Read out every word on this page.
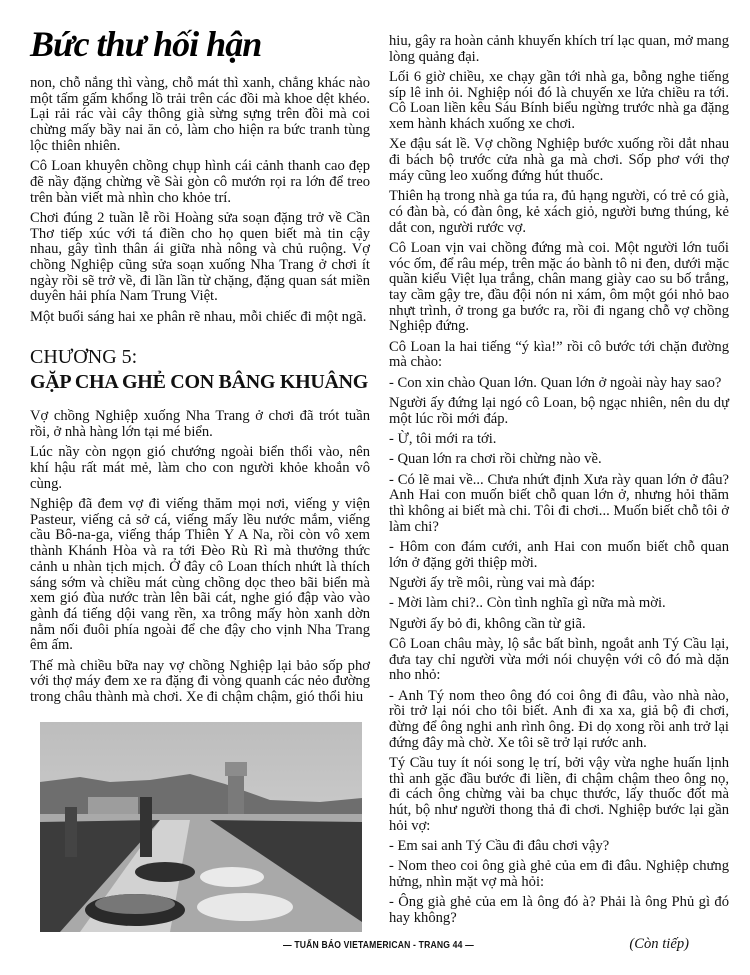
Bức thư hối hận

non, chỗ nắng thì vàng, chỗ mát thì xanh, chẳng khác nào một tấm gấm khổng lồ trải trên các đồi mà khoe dệt khéo. Lại rải rác vài cây thông già sừng sựng trên đồi mà coi chừng mấy bầy nai ăn cỏ, làm cho hiện ra bức tranh tùng lộc thiên nhiên.

Cô Loan khuyên chồng chụp hình cái cảnh thanh cao đẹp đẽ nầy đặng chừng về Sài gòn cô mướn rọi ra lớn để treo trên bàn viết mà nhìn cho khỏe trí.

Chơi đúng 2 tuần lễ rồi Hoàng sửa soạn đặng trở về Cần Thơ tiếp xúc với tá điền cho họ quen biết mà tin cậy nhau, gây tình thân ái giữa nhà nông và chủ ruộng. Vợ chồng Nghiệp cũng sửa soạn xuống Nha Trang ở chơi ít ngày rồi sẽ trở về, đi lần lần từ chặng, đặng quan sát miền duyên hải phía Nam Trung Việt.

Một buổi sáng hai xe phân rẽ nhau, mỗi chiếc đi một ngã.

CHƯƠNG 5:
GẶP CHA GHẺ CON BÂNG KHUÂNG

Vợ chồng Nghiệp xuống Nha Trang ở chơi đã trót tuần rồi, ở nhà hàng lớn tại mé biển.

Lúc nầy còn ngọn gió chướng ngoài biển thổi vào, nên khí hậu rất mát mẻ, làm cho con người khỏe khoắn vô cùng.

Nghiệp đã đem vợ đi viếng thăm mọi nơi, viếng y viện Pasteur, viếng cả sở cá, viếng mấy lều nước mắm, viếng cầu Bô-na-ga, viếng tháp Thiên Y A Na, rồi còn vô xem thành Khánh Hòa và ra tới Đèo Rù Rì mà thưởng thức cảnh u nhàn tịch mịch. Ở đây cô Loan thích nhứt là thích sáng sớm và chiều mát cùng chồng dọc theo bãi biển mà xem gió đùa nước tràn lên bãi cát, nghe gió đập vào vào gành đá tiếng dội vang rền, xa trông mấy hòn xanh dờn nằm nối đuôi phía ngoài để che đậy cho vịnh Nha Trang êm ấm.

Thế mà chiều bữa nay vợ chồng Nghiệp lại bảo sốp phơ với thợ máy đem xe ra đặng đi vòng quanh các nẻo đường trong châu thành mà chơi. Xe đi chậm chậm, gió thổi hiu

hiu, gây ra hoàn cảnh khuyến khích trí lạc quan, mở mang lòng quảng đại.

Lối 6 giờ chiều, xe chạy gần tới nhà ga, bỗng nghe tiếng síp lê inh ỏi. Nghiệp nói đó là chuyến xe lửa chiều ra tới. Cô Loan liền kêu Sáu Bính biểu ngừng trước nhà ga đặng xem hành khách xuống xe chơi.

Xe đậu sát lề. Vợ chồng Nghiệp bước xuống rồi dắt nhau đi bách bộ trước cửa nhà ga mà chơi. Sốp phơ với thợ máy cũng leo xuống đứng hút thuốc.

Thiên hạ trong nhà ga túa ra, đủ hạng người, có trẻ có già, có đàn bà, có đàn ông, kẻ xách giỏ, người bưng thúng, kẻ dắt con, người rước vợ.

Cô Loan vịn vai chồng đứng mà coi. Một người lớn tuổi vóc ốm, để râu mép, trên mặc áo bành tô ni đen, dưới mặc quần kiểu Việt lụa trắng, chân mang giày cao su bố trắng, tay cầm gậy tre, đầu đội nón ni xám, ôm một gói nhỏ bao nhựt trình, ở trong ga bước ra, rồi đi ngang chỗ vợ chồng Nghiệp đứng.

Cô Loan la hai tiếng “ý kìa!” rồi cô bước tới chặn đường mà chào:

- Con xin chào Quan lớn. Quan lớn ở ngoài này hay sao?

Người ấy đứng lại ngó cô Loan, bộ ngạc nhiên, nên du dự một lúc rồi mới đáp.

- Ừ, tôi mới ra tới.

- Quan lớn ra chơi rồi chừng nào về.

- Có lẽ mai về... Chưa nhứt định Xưa rày quan lớn ở đâu? Anh Hai con muốn biết chỗ quan lớn ở, nhưng hỏi thăm thì không ai biết mà chi. Tôi đi chơi... Muốn biết chỗ tôi ở làm chi?

- Hôm con đám cưới, anh Hai con muốn biết chỗ quan lớn ở đặng gởi thiệp mời.

Người ấy trề môi, rùng vai mà đáp:

- Mời làm chi?.. Còn tình nghĩa gì nữa mà mời.

Người ấy bỏ đi, không cần từ giã.

Cô Loan châu mày, lộ sắc bất bình, ngoắt anh Tý Cầu lại, đưa tay chỉ người vừa mới nói chuyện với cô đó mà dặn nho nhỏ:

- Anh Tý nom theo ông đó coi ông đi đâu, vào nhà nào, rồi trở lại nói cho tôi biết. Anh đi xa xa, giả bộ đi chơi, đừng để ông nghi anh rình ông. Đi dọ xong rồi anh trở lại đứng đây mà chờ. Xe tôi sẽ trở lại rước anh.

Tý Cầu tuy ít nói song lẹ trí, bởi vậy vừa nghe huấn lịnh thì anh gặc đầu bước đi liền, đi chậm chậm theo ông nọ, đi cách ông chừng vài ba chục thước, lấy thuốc đốt mà hút, bộ như người thong thả đi chơi. Nghiệp bước lại gần hỏi vợ:

- Em sai anh Tý Cầu đi đâu chơi vậy?

- Nom theo coi ông già ghẻ của em đi đâu. Nghiệp chưng hửng, nhìn mặt vợ mà hỏi:

- Ông già ghẻ của em là ông đó à? Phải là ông Phủ gì đó hay không?

(Còn tiếp)
— TUẤN BÁO VIETAMERICAN - TRANG 44 —
